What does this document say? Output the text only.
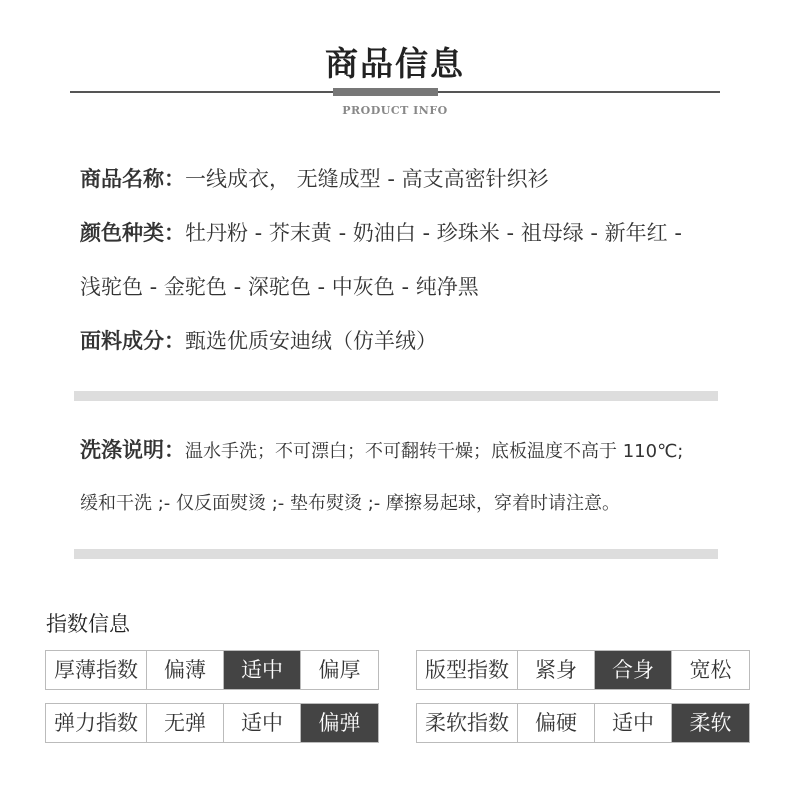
商品信息
PRODUCT INFO
商品名称：一线成衣， 无缝成型 - 高支高密针织衫
颜色种类：牡丹粉 - 芥末黄 - 奶油白 - 珍珠米 - 祖母绿 - 新年红 -
浅驼色 - 金驼色 - 深驼色 - 中灰色 - 纯净黑
面料成分：甄选优质安迪绒（仿羊绒）
洗涤说明：温水手洗；不可漂白；不可翻转干燥；底板温度不高于 110℃;
缓和干洗 ;- 仅反面熨烫 ;- 垫布熨烫 ;- 摩擦易起球，穿着时请注意。
指数信息
厚薄指数	偏薄	适中	偏厚	版型指数	紧身	合身	宽松
弹力指数	无弹	适中	偏弹	柔软指数	偏硬	适中	柔软
